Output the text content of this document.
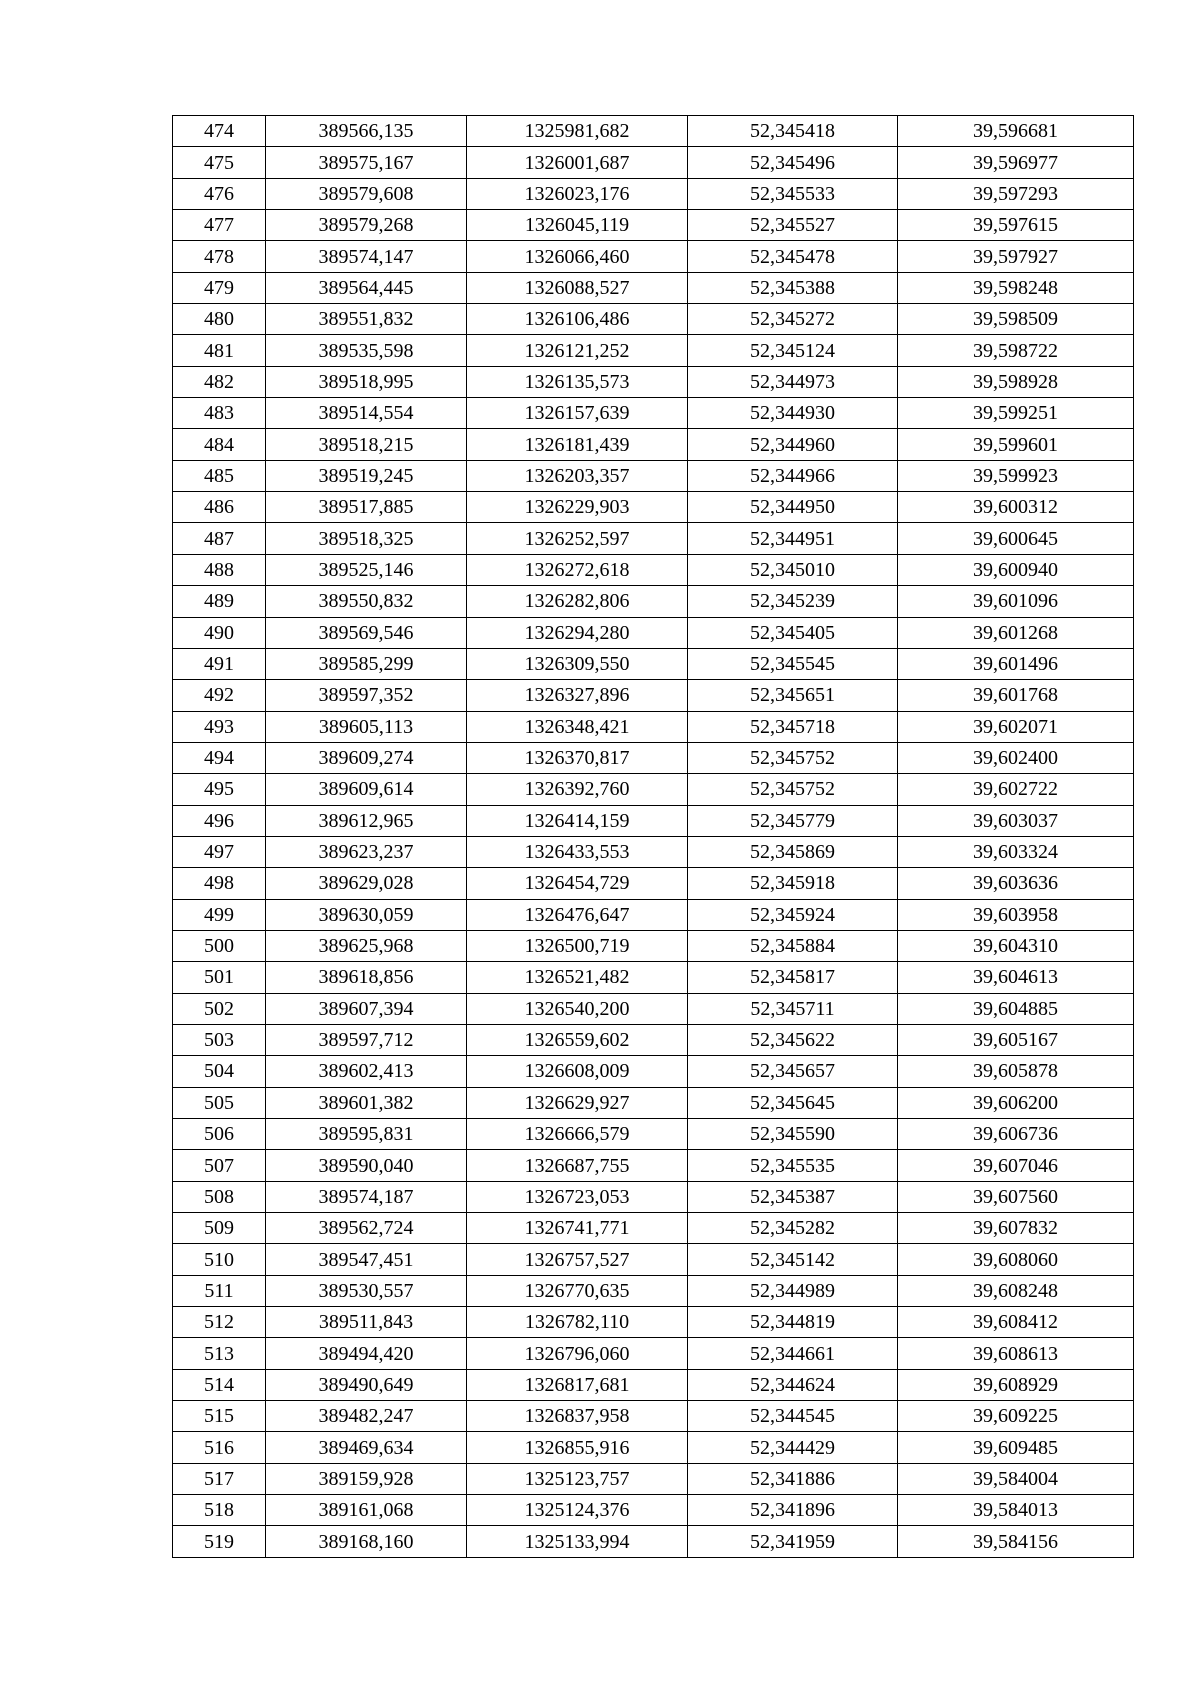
474	389566,135	1325981,682	52,345418	39,596681
475	389575,167	1326001,687	52,345496	39,596977
476	389579,608	1326023,176	52,345533	39,597293
477	389579,268	1326045,119	52,345527	39,597615
478	389574,147	1326066,460	52,345478	39,597927
479	389564,445	1326088,527	52,345388	39,598248
480	389551,832	1326106,486	52,345272	39,598509
481	389535,598	1326121,252	52,345124	39,598722
482	389518,995	1326135,573	52,344973	39,598928
483	389514,554	1326157,639	52,344930	39,599251
484	389518,215	1326181,439	52,344960	39,599601
485	389519,245	1326203,357	52,344966	39,599923
486	389517,885	1326229,903	52,344950	39,600312
487	389518,325	1326252,597	52,344951	39,600645
488	389525,146	1326272,618	52,345010	39,600940
489	389550,832	1326282,806	52,345239	39,601096
490	389569,546	1326294,280	52,345405	39,601268
491	389585,299	1326309,550	52,345545	39,601496
492	389597,352	1326327,896	52,345651	39,601768
493	389605,113	1326348,421	52,345718	39,602071
494	389609,274	1326370,817	52,345752	39,602400
495	389609,614	1326392,760	52,345752	39,602722
496	389612,965	1326414,159	52,345779	39,603037
497	389623,237	1326433,553	52,345869	39,603324
498	389629,028	1326454,729	52,345918	39,603636
499	389630,059	1326476,647	52,345924	39,603958
500	389625,968	1326500,719	52,345884	39,604310
501	389618,856	1326521,482	52,345817	39,604613
502	389607,394	1326540,200	52,345711	39,604885
503	389597,712	1326559,602	52,345622	39,605167
504	389602,413	1326608,009	52,345657	39,605878
505	389601,382	1326629,927	52,345645	39,606200
506	389595,831	1326666,579	52,345590	39,606736
507	389590,040	1326687,755	52,345535	39,607046
508	389574,187	1326723,053	52,345387	39,607560
509	389562,724	1326741,771	52,345282	39,607832
510	389547,451	1326757,527	52,345142	39,608060
511	389530,557	1326770,635	52,344989	39,608248
512	389511,843	1326782,110	52,344819	39,608412
513	389494,420	1326796,060	52,344661	39,608613
514	389490,649	1326817,681	52,344624	39,608929
515	389482,247	1326837,958	52,344545	39,609225
516	389469,634	1326855,916	52,344429	39,609485
517	389159,928	1325123,757	52,341886	39,584004
518	389161,068	1325124,376	52,341896	39,584013
519	389168,160	1325133,994	52,341959	39,584156
